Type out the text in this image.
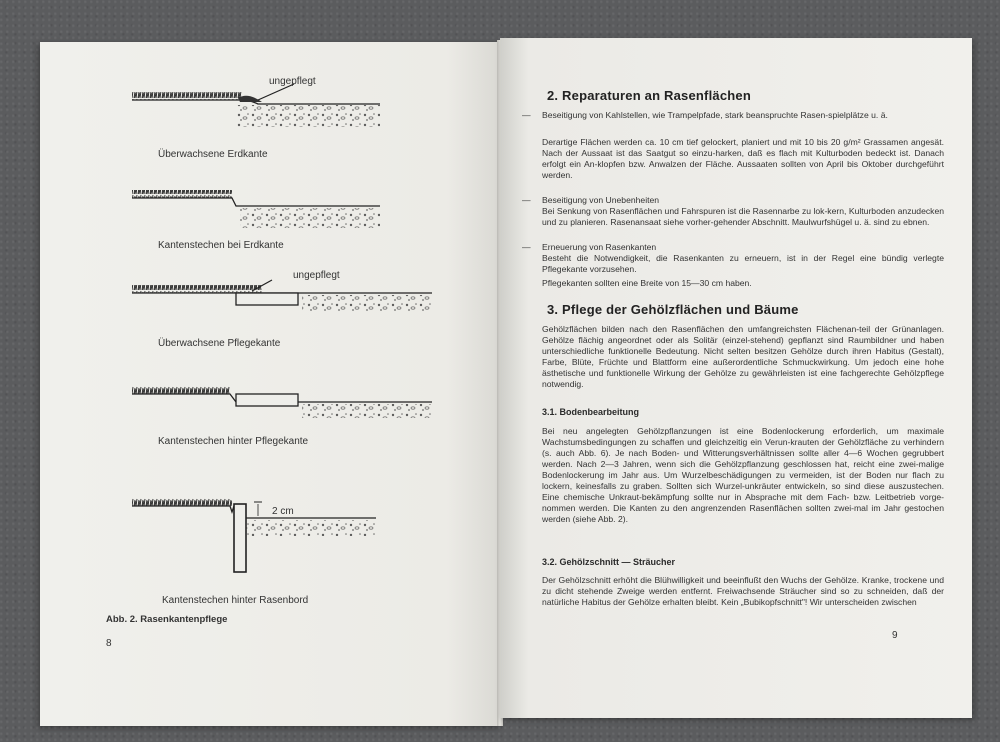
ungepflegt
ungepflegt
2 cm
Überwachsene Erdkante
Kantenstechen bei Erdkante
Überwachsene Pflegekante
Kantenstechen hinter Pflegekante
Kantenstechen hinter Rasenbord
Abb. 2. Rasenkantenpflege
8
2. Reparaturen an Rasenflächen
— Beseitigung von Kahlstellen, wie Trampelpfade, stark beanspruchte Rasen-spielplätze u. ä.
Derartige Flächen werden ca. 10 cm tief gelockert, planiert und mit 10 bis 20 g/m² Grassamen angesät. Nach der Aussaat ist das Saatgut so einzu-harken, daß es flach mit Kulturboden bedeckt ist. Danach erfolgt ein An-klopfen bzw. Anwalzen der Fläche. Aussaaten sollten von April bis Oktober durchgeführt werden.
— Beseitigung von Unebenheiten
Bei Senkung von Rasenflächen und Fahrspuren ist die Rasennarbe zu lok-kern, Kulturboden anzudecken und zu planieren. Rasenansaat siehe vorher-gehender Abschnitt. Maulwurfshügel u. ä. sind zu ebnen.
— Erneuerung von Rasenkanten
Besteht die Notwendigkeit, die Rasenkanten zu erneuern, ist in der Regel eine bündig verlegte Pflegekante vorzusehen.
Pflegekanten sollten eine Breite von 15—30 cm haben.
3. Pflege der Gehölzflächen und Bäume
Gehölzflächen bilden nach den Rasenflächen den umfangreichsten Flächenan-teil der Grünanlagen. Gehölze flächig angeordnet oder als Solitär (einzel-stehend) gepflanzt sind Raumbildner und haben unterschiedliche funktionelle Bedeutung. Nicht selten besitzen Gehölze durch ihren Habitus (Gestalt), Farbe, Blüte, Früchte und Blattform eine außerordentliche Schmuckwirkung. Um jedoch eine hohe ästhetische und funktionelle Wirkung der Gehölze zu gewährleisten ist eine fachgerechte Gehölzpflege notwendig.
3.1. Bodenbearbeitung
Bei neu angelegten Gehölzpflanzungen ist eine Bodenlockerung erforderlich, um maximale Wachstumsbedingungen zu schaffen und gleichzeitig ein Verun-krauten der Gehölzfläche zu verhindern (s. auch Abb. 6). Je nach Boden- und Witterungsverhältnissen sollte aller 4—6 Wochen gegrubbert werden. Nach 2—3 Jahren, wenn sich die Gehölzpflanzung geschlossen hat, reicht eine zwei-malige Bodenlockerung im Jahr aus. Um Wurzelbeschädigungen zu vermeiden, ist der Boden nur flach zu lockern, keinesfalls zu graben. Sollten sich Wurzel-unkräuter entwickeln, so sind diese auszustechen. Eine chemische Unkraut-bekämpfung sollte nur in Absprache mit dem Fach- bzw. Leitbetrieb vorge-nommen werden. Die Kanten zu den angrenzenden Rasenflächen sollten zwei-mal im Jahr gestochen werden (siehe Abb. 2).
3.2. Gehölzschnitt — Sträucher
Der Gehölzschnitt erhöht die Blühwilligkeit und beeinflußt den Wuchs der Gehölze. Kranke, trockene und zu dicht stehende Zweige werden entfernt. Freiwachsende Sträucher sind so zu schneiden, daß der natürliche Habitus der Gehölze erhalten bleibt. Kein „Bubikopfschnitt"! Wir unterscheiden zwischen
9
